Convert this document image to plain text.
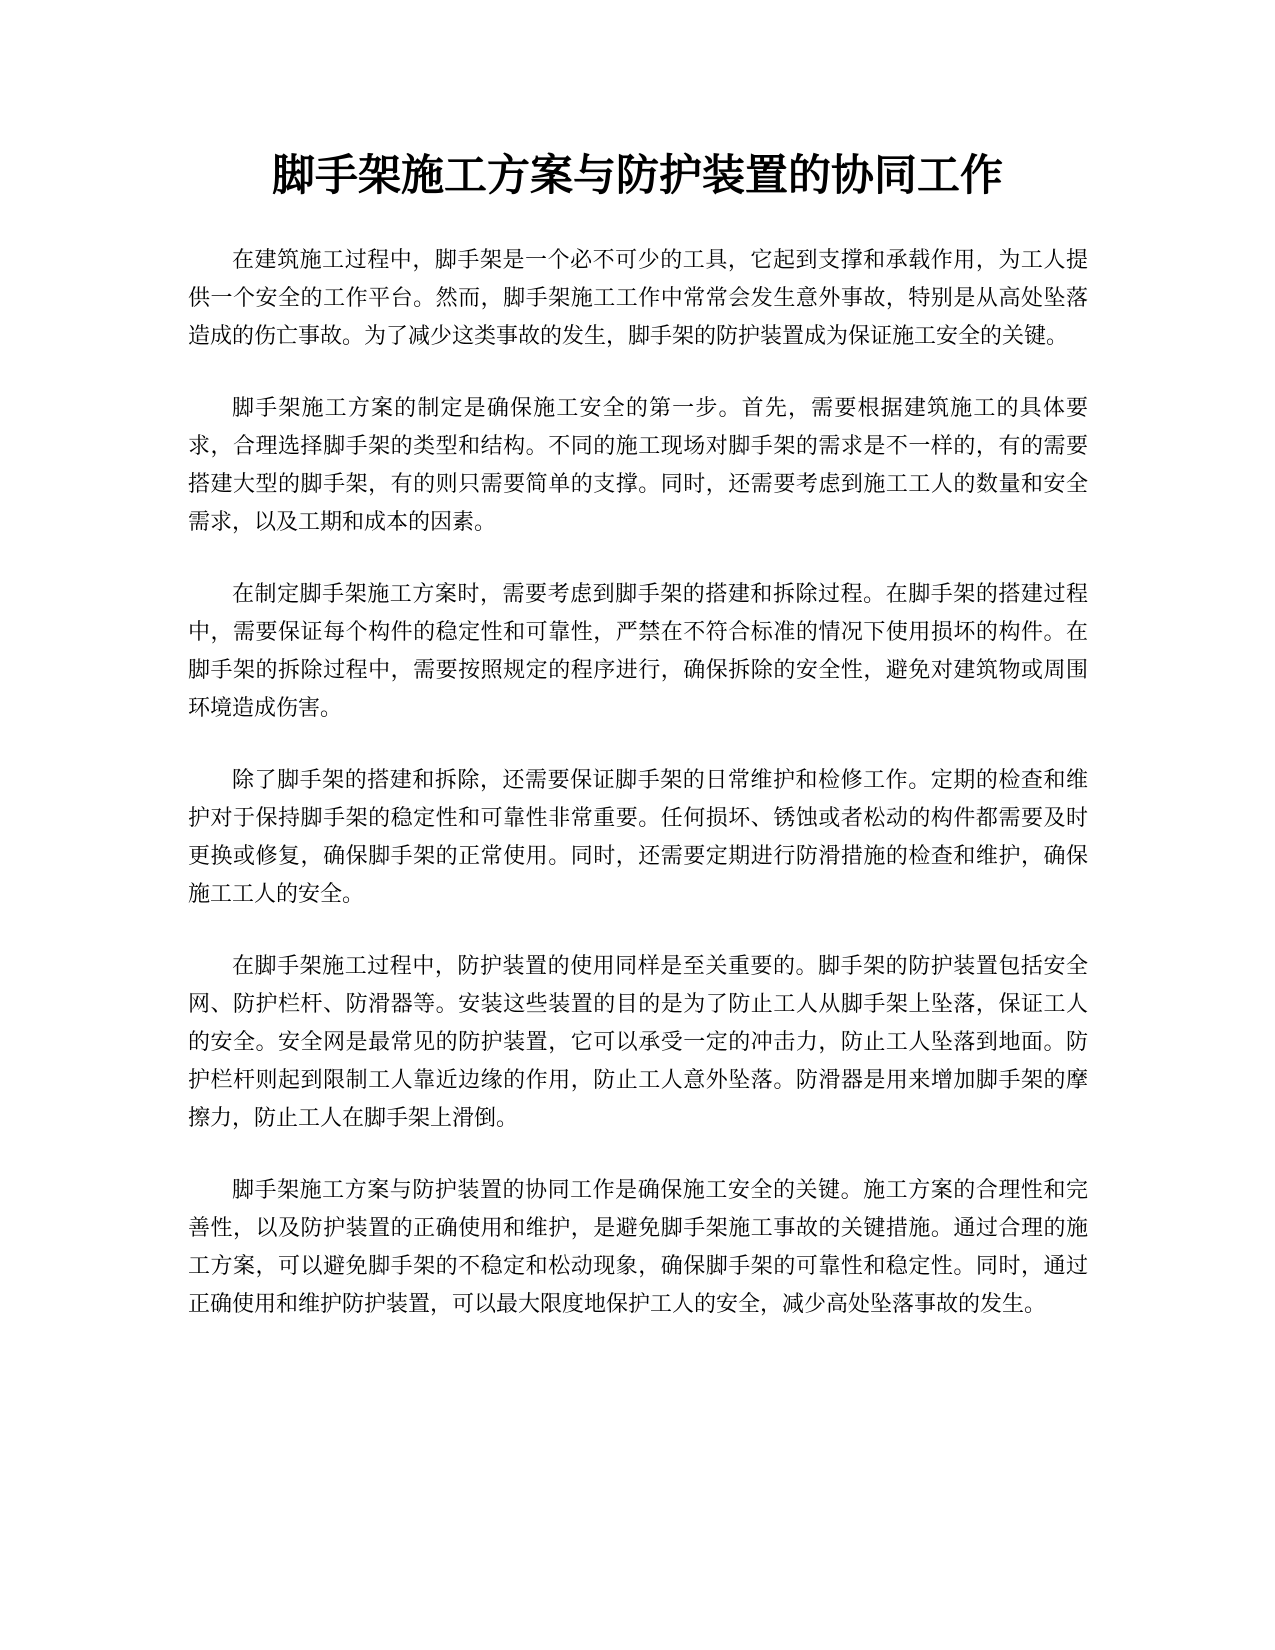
脚手架施工方案与防护装置的协同工作

在建筑施工过程中，脚手架是一个必不可少的工具，它起到支撑和承载作用，为工人提供一个安全的工作平台。然而，脚手架施工工作中常常会发生意外事故，特别是从高处坠落造成的伤亡事故。为了减少这类事故的发生，脚手架的防护装置成为保证施工安全的关键。

脚手架施工方案的制定是确保施工安全的第一步。首先，需要根据建筑施工的具体要求，合理选择脚手架的类型和结构。不同的施工现场对脚手架的需求是不一样的，有的需要搭建大型的脚手架，有的则只需要简单的支撑。同时，还需要考虑到施工工人的数量和安全需求，以及工期和成本的因素。

在制定脚手架施工方案时，需要考虑到脚手架的搭建和拆除过程。在脚手架的搭建过程中，需要保证每个构件的稳定性和可靠性，严禁在不符合标准的情况下使用损坏的构件。在脚手架的拆除过程中，需要按照规定的程序进行，确保拆除的安全性，避免对建筑物或周围环境造成伤害。

除了脚手架的搭建和拆除，还需要保证脚手架的日常维护和检修工作。定期的检查和维护对于保持脚手架的稳定性和可靠性非常重要。任何损坏、锈蚀或者松动的构件都需要及时更换或修复，确保脚手架的正常使用。同时，还需要定期进行防滑措施的检查和维护，确保施工工人的安全。

在脚手架施工过程中，防护装置的使用同样是至关重要的。脚手架的防护装置包括安全网、防护栏杆、防滑器等。安装这些装置的目的是为了防止工人从脚手架上坠落，保证工人的安全。安全网是最常见的防护装置，它可以承受一定的冲击力，防止工人坠落到地面。防护栏杆则起到限制工人靠近边缘的作用，防止工人意外坠落。防滑器是用来增加脚手架的摩擦力，防止工人在脚手架上滑倒。

脚手架施工方案与防护装置的协同工作是确保施工安全的关键。施工方案的合理性和完善性，以及防护装置的正确使用和维护，是避免脚手架施工事故的关键措施。通过合理的施工方案，可以避免脚手架的不稳定和松动现象，确保脚手架的可靠性和稳定性。同时，通过正确使用和维护防护装置，可以最大限度地保护工人的安全，减少高处坠落事故的发生。
